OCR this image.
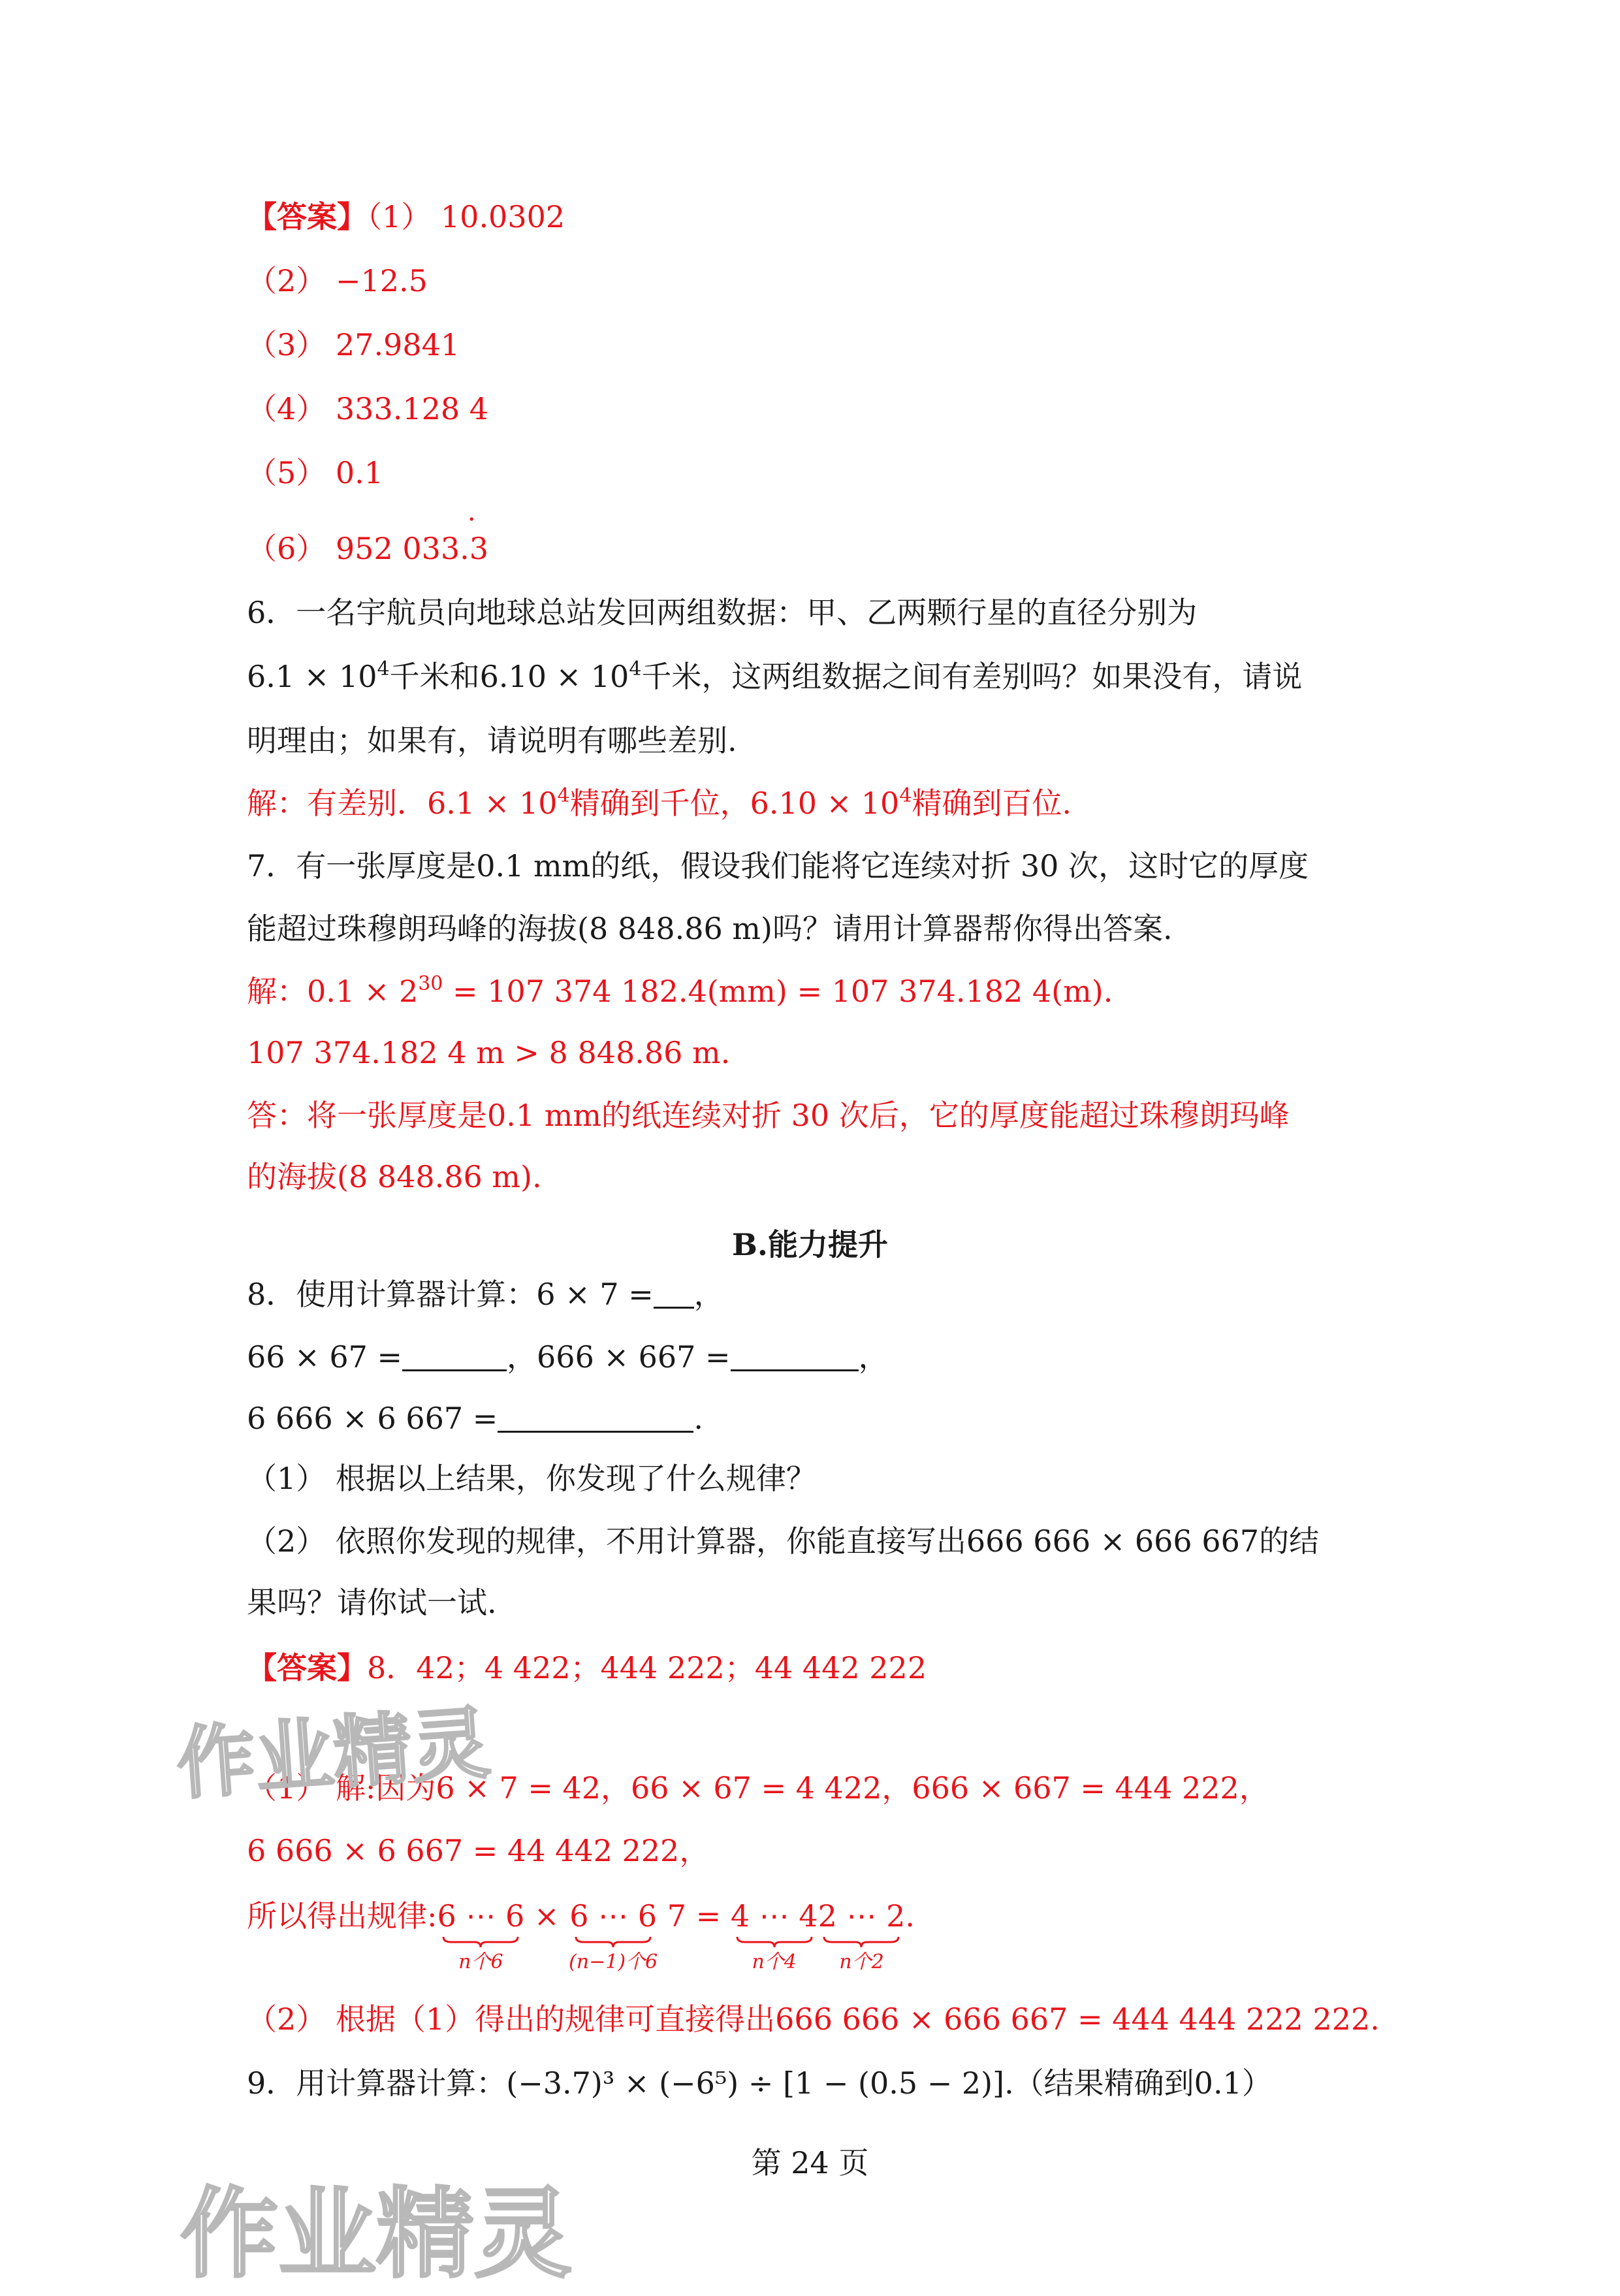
【答案】（1） 10.0302
（2） −12.5
（3） 27.9841
（4） 333.128 4
（5） 0.1
（6） 952 033.3
·
6．一名宇航员向地球总站发回两组数据：甲、乙两颗行星的直径分别为
$6.1 \times 10^4$千米和$6.10 \times 10^4$千米，这两组数据之间有差别吗？如果没有，请说
明理由；如果有，请说明有哪些差别.
解：有差别．$6.1 \times 10^4$精确到千位，$6.10 \times 10^4$精确到百位.
7．有一张厚度是0.1 mm的纸，假设我们能将它连续对折 30 次，这时它的厚度
能超过珠穆朗玛峰的海拔(8 848.86 m)吗？请用计算器帮你得出答案.
解：$0.1 \times 2^{30} = 107$ 374 182.4(mm) = 107 374.182 4(m).
107 374.182 4 m > 8 848.86 m.
答：将一张厚度是0.1 mm的纸连续对折 30 次后，它的厚度能超过珠穆朗玛峰
的海拔(8 848.86 m).
B.能力提升
8．使用计算器计算：6 × 7 = ，
66 × 67 =	，666 × 667 =	，
6 666 × 6 667 =	.
（1） 根据以上结果，你发现了什么规律？
（2） 依照你发现的规律，不用计算器，你能直接写出666 666 × 666 667的结
果吗？请你试一试.
【答案】8．42；4 422；444 222；44 442 222
（1） 解:因为6 × 7 = 42，66 × 67 = 4 422，666 × 667 = 444 222，
6 666 × 6 667 = 44 442 222，
所以得出规律: 6 ⋯ 6
n个6
× 6 ⋯ 6
(n−1)个6
7 = 4 ⋯ 4
n个4
2 ⋯ 2
n个2
.
（2） 根据（1）得出的规律可直接得出666 666 × 666 667 = 444 444 222 222.
9．用计算器计算：(−3.7)³ × (−6⁵) ÷ [1 − (0.5 − 2)].（结果精确到0.1）
第 24 页
作业精灵
作业精灵
